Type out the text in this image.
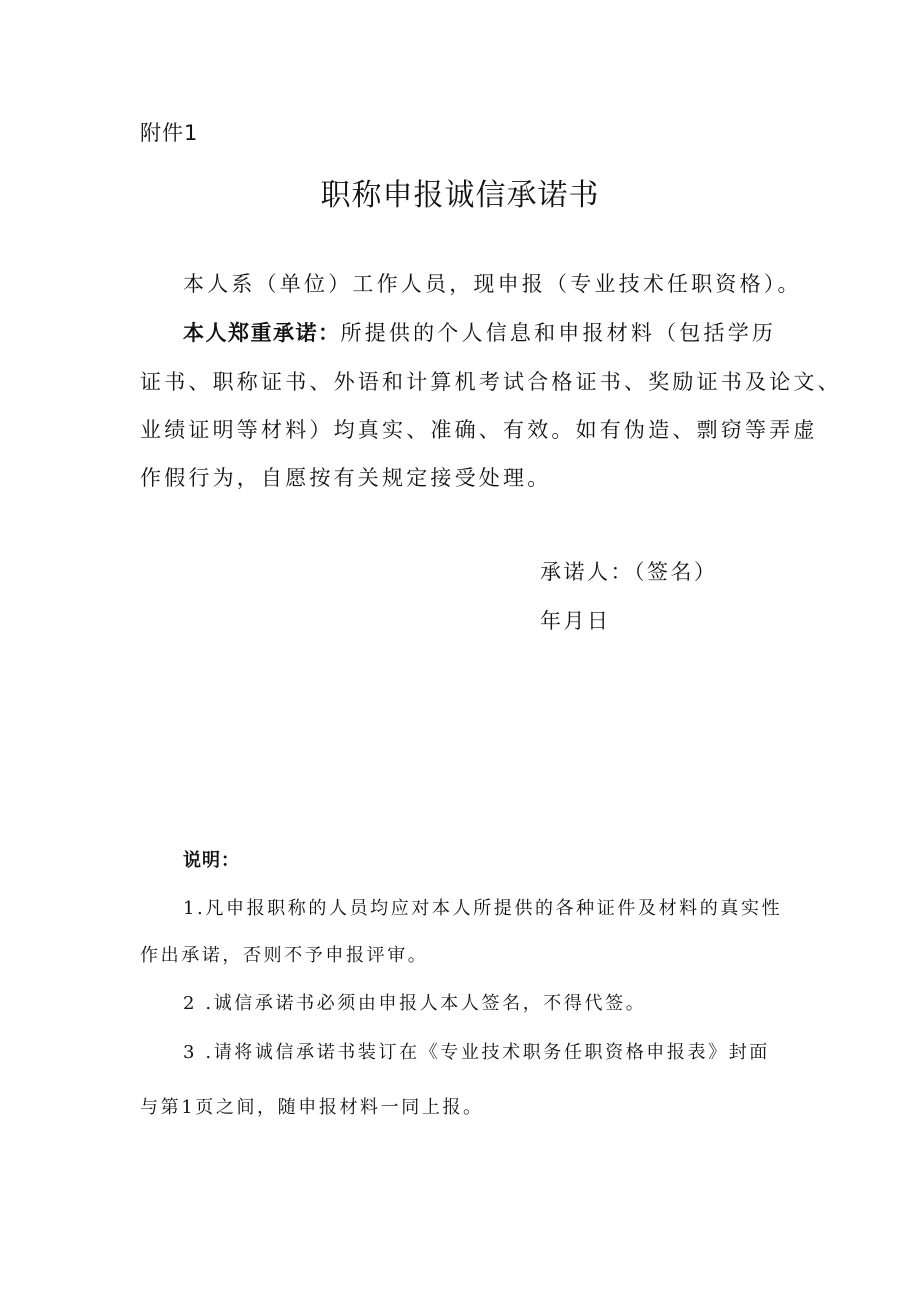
附件1
职称申报诚信承诺书
本人系（单位）工作人员，现申报（专业技术任职资格）。
本人郑重承诺：所提供的个人信息和申报材料（包括学历
证书、职称证书、外语和计算机考试合格证书、奖励证书及论文、
业绩证明等材料）均真实、准确、有效。如有伪造、剽窃等弄虚
作假行为，自愿按有关规定接受处理。
承诺人：（签名）
年月日
说明：
1.凡申报职称的人员均应对本人所提供的各种证件及材料的真实性
作出承诺，否则不予申报评审。
2 .诚信承诺书必须由申报人本人签名，不得代签。
3 .请将诚信承诺书装订在《专业技术职务任职资格申报表》封面
与第1页之间，随申报材料一同上报。
